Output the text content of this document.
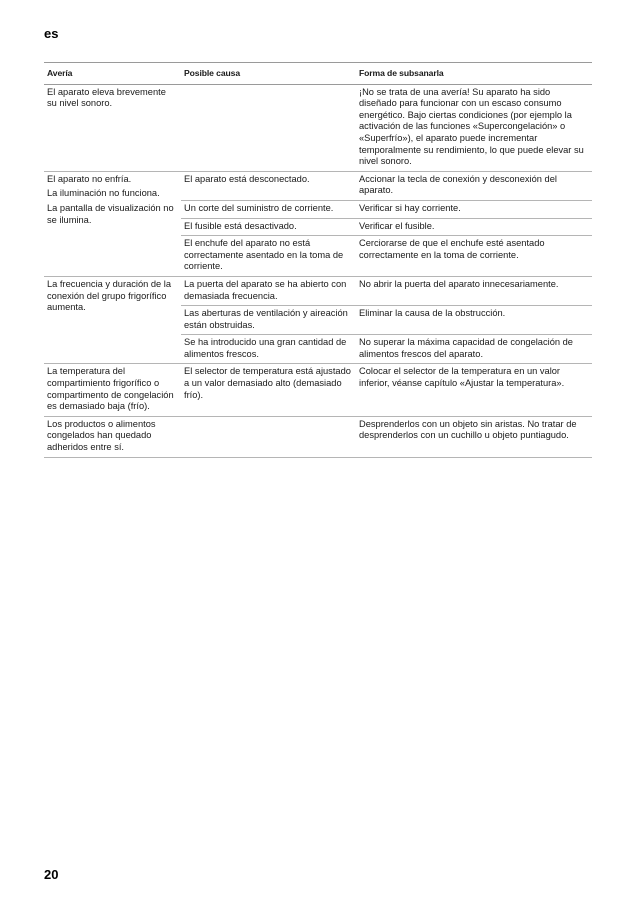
es
Avería	Posible causa	Forma de subsanarla

El aparato eleva brevemente su nivel sonoro.		¡No se trata de una avería! Su aparato ha sido diseñado para funcionar con un escaso consumo energético. Bajo ciertas condiciones (por ejemplo la activación de las funciones «Supercongelación» o «Superfrío»), el aparato puede incrementar temporalmente su rendimiento, lo que puede elevar su nivel sonoro.

El aparato no enfría.
La iluminación no funciona.
La pantalla de visualización no se ilumina.	El aparato está desconectado.	Accionar la tecla de conexión y desconexión del aparato.
	Un corte del suministro de corriente.	Verificar si hay corriente.
	El fusible está desactivado.	Verificar el fusible.
	El enchufe del aparato no está correctamente asentado en la toma de corriente.	Cerciorarse de que el enchufe esté asentado correctamente en la toma de corriente.

La frecuencia y duración de la conexión del grupo frigorífico aumenta.	La puerta del aparato se ha abierto con demasiada frecuencia.	No abrir la puerta del aparato innecesariamente.
	Las aberturas de ventilación y aireación están obstruidas.	Eliminar la causa de la obstrucción.
	Se ha introducido una gran cantidad de alimentos frescos.	No superar la máxima capacidad de congelación de alimentos frescos del aparato.

La temperatura del compartimiento frigorífico o compartimento de congelación es demasiado baja (frío).	El selector de temperatura está ajustado a un valor demasiado alto (demasiado frío).	Colocar el selector de la temperatura en un valor inferior, véanse capítulo «Ajustar la temperatura».

Los productos o alimentos congelados han quedado adheridos entre sí.		Desprenderlos con un objeto sin aristas. No tratar de desprenderlos con un cuchillo u objeto puntiagudo.
20
